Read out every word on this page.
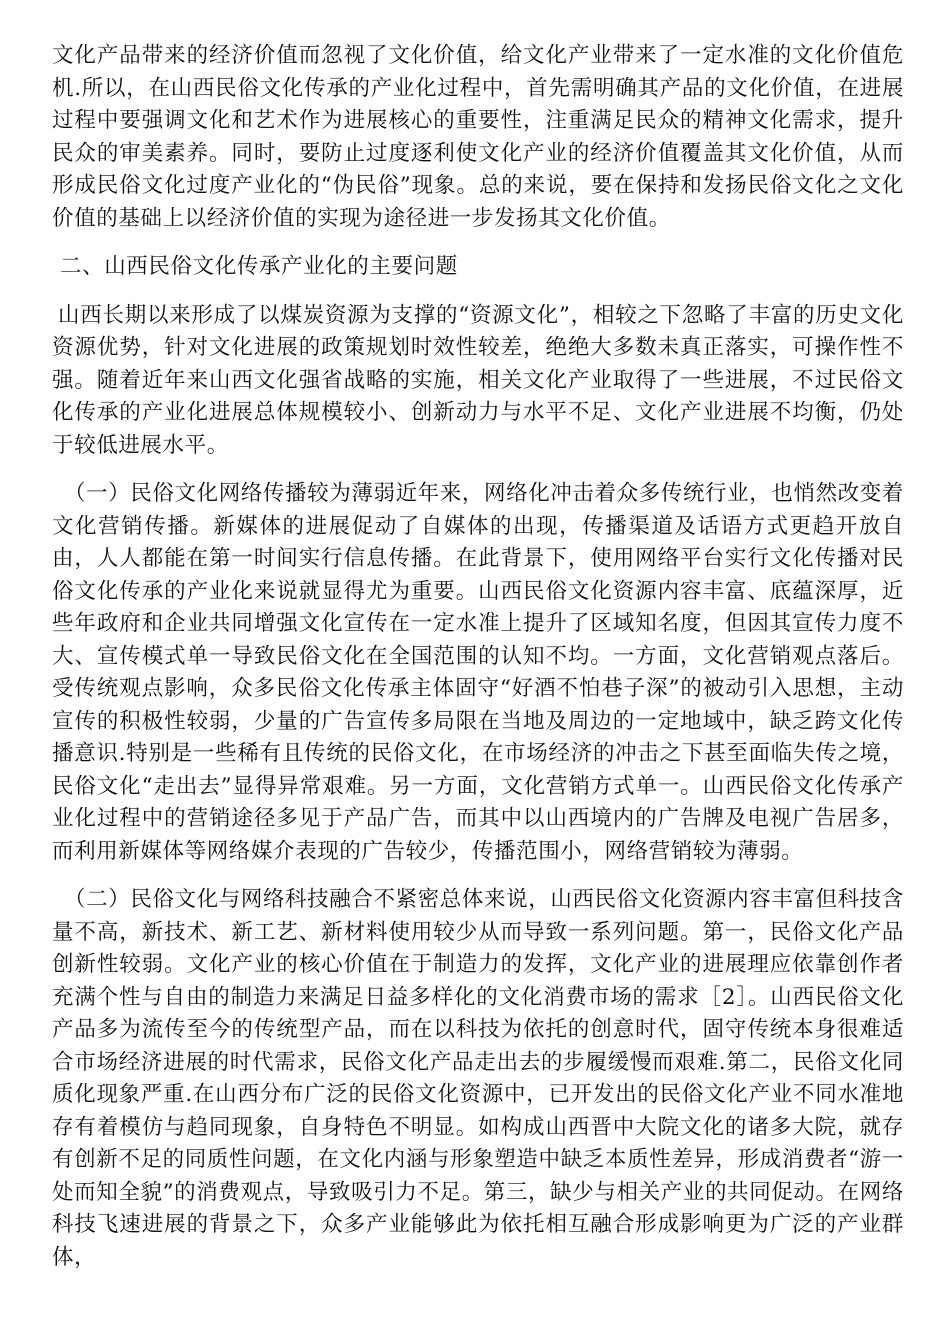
文化产品带来的经济价值而忽视了文化价值，给文化产业带来了一定水准的文化价值危机.所以，在山西民俗文化传承的产业化过程中，首先需明确其产品的文化价值，在进展过程中要强调文化和艺术作为进展核心的重要性，注重满足民众的精神文化需求，提升民众的审美素养。同时，要防止过度逐利使文化产业的经济价值覆盖其文化价值，从而形成民俗文化过度产业化的“伪民俗”现象。总的来说，要在保持和发扬民俗文化之文化价值的基础上以经济价值的实现为途径进一步发扬其文化价值。

二、山西民俗文化传承产业化的主要问题

山西长期以来形成了以煤炭资源为支撑的“资源文化”，相较之下忽略了丰富的历史文化资源优势，针对文化进展的政策规划时效性较差，绝绝大多数未真正落实，可操作性不强。随着近年来山西文化强省战略的实施，相关文化产业取得了一些进展，不过民俗文化传承的产业化进展总体规模较小、创新动力与水平不足、文化产业进展不均衡，仍处于较低进展水平。

（一）民俗文化网络传播较为薄弱近年来，网络化冲击着众多传统行业，也悄然改变着文化营销传播。新媒体的进展促动了自媒体的出现，传播渠道及话语方式更趋开放自由，人人都能在第一时间实行信息传播。在此背景下，使用网络平台实行文化传播对民俗文化传承的产业化来说就显得尤为重要。山西民俗文化资源内容丰富、底蕴深厚，近些年政府和企业共同增强文化宣传在一定水准上提升了区域知名度，但因其宣传力度不大、宣传模式单一导致民俗文化在全国范围的认知不均。一方面，文化营销观点落后。受传统观点影响，众多民俗文化传承主体固守“好酒不怕巷子深”的被动引入思想，主动宣传的积极性较弱，少量的广告宣传多局限在当地及周边的一定地域中，缺乏跨文化传播意识.特别是一些稀有且传统的民俗文化，在市场经济的冲击之下甚至面临失传之境，民俗文化“走出去”显得异常艰难。另一方面，文化营销方式单一。山西民俗文化传承产业化过程中的营销途径多见于产品广告，而其中以山西境内的广告牌及电视广告居多，而利用新媒体等网络媒介表现的广告较少，传播范围小，网络营销较为薄弱。

（二）民俗文化与网络科技融合不紧密总体来说，山西民俗文化资源内容丰富但科技含量不高，新技术、新工艺、新材料使用较少从而导致一系列问题。第一，民俗文化产品创新性较弱。文化产业的核心价值在于制造力的发挥，文化产业的进展理应依靠创作者充满个性与自由的制造力来满足日益多样化的文化消费市场的需求［2］。山西民俗文化产品多为流传至今的传统型产品，而在以科技为依托的创意时代，固守传统本身很难适合市场经济进展的时代需求，民俗文化产品走出去的步履缓慢而艰难.第二，民俗文化同质化现象严重.在山西分布广泛的民俗文化资源中，已开发出的民俗文化产业不同水准地存有着模仿与趋同现象，自身特色不明显。如构成山西晋中大院文化的诸多大院，就存有创新不足的同质性问题，在文化内涵与形象塑造中缺乏本质性差异，形成消费者“游一处而知全貌”的消费观点，导致吸引力不足。第三，缺少与相关产业的共同促动。在网络科技飞速进展的背景之下，众多产业能够此为依托相互融合形成影响更为广泛的产业群体，
